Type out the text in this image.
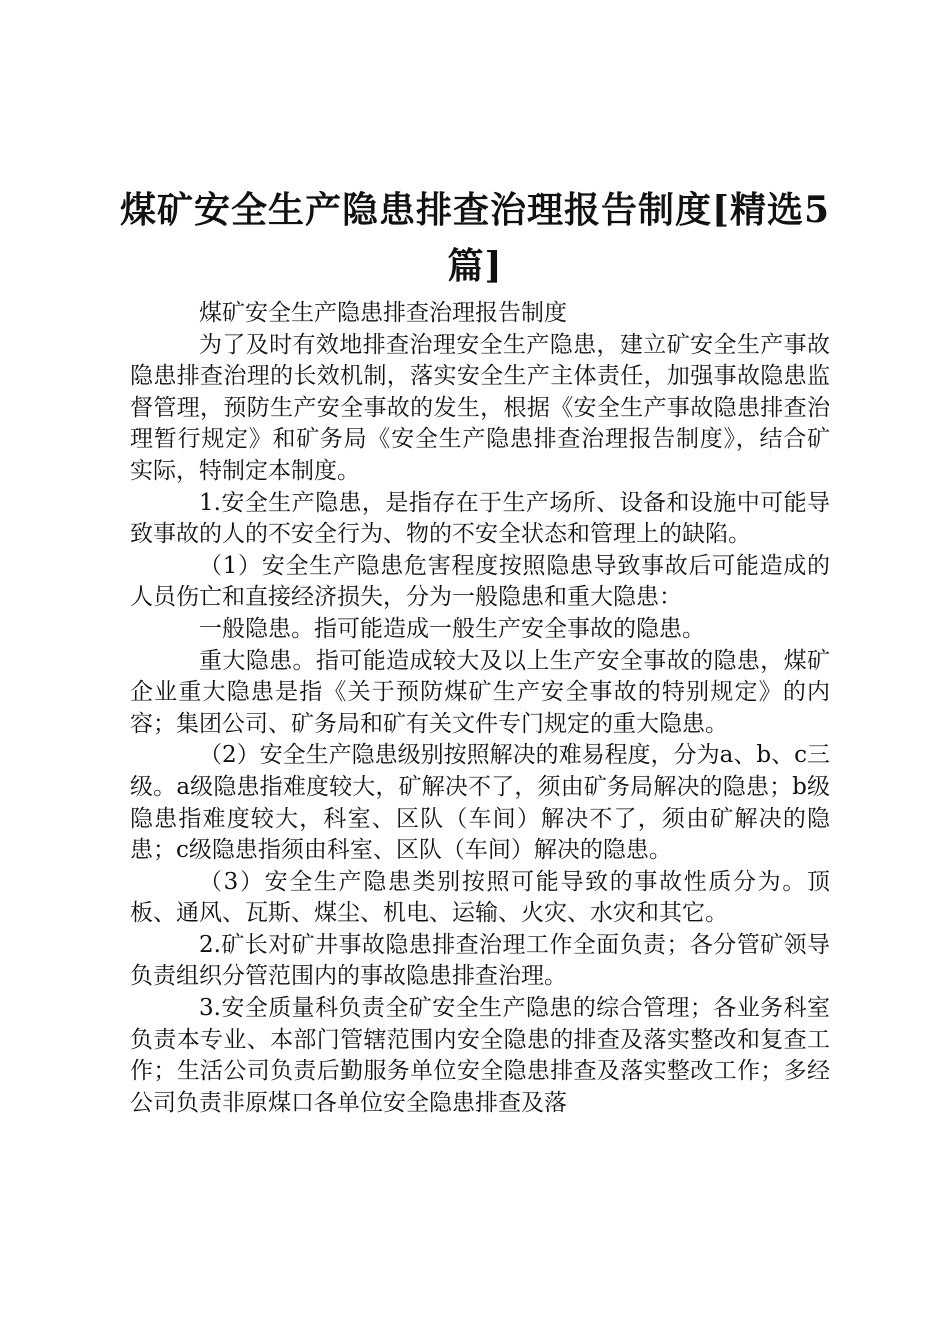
煤矿安全生产隐患排查治理报告制度[精选5篇]

煤矿安全生产隐患排查治理报告制度

为了及时有效地排查治理安全生产隐患，建立矿安全生产事故隐患排查治理的长效机制，落实安全生产主体责任，加强事故隐患监督管理，预防生产安全事故的发生，根据《安全生产事故隐患排查治理暂行规定》和矿务局《安全生产隐患排查治理报告制度》，结合矿实际，特制定本制度。

1.安全生产隐患，是指存在于生产场所、设备和设施中可能导致事故的人的不安全行为、物的不安全状态和管理上的缺陷。

（1）安全生产隐患危害程度按照隐患导致事故后可能造成的人员伤亡和直接经济损失，分为一般隐患和重大隐患：

一般隐患。指可能造成一般生产安全事故的隐患。

重大隐患。指可能造成较大及以上生产安全事故的隐患，煤矿企业重大隐患是指《关于预防煤矿生产安全事故的特别规定》的内容；集团公司、矿务局和矿有关文件专门规定的重大隐患。

（2）安全生产隐患级别按照解决的难易程度，分为a、b、c三级。a级隐患指难度较大，矿解决不了，须由矿务局解决的隐患；b级隐患指难度较大，科室、区队（车间）解决不了，须由矿解决的隐患；c级隐患指须由科室、区队（车间）解决的隐患。

（3）安全生产隐患类别按照可能导致的事故性质分为。顶板、通风、瓦斯、煤尘、机电、运输、火灾、水灾和其它。

2.矿长对矿井事故隐患排查治理工作全面负责；各分管矿领导负责组织分管范围内的事故隐患排查治理。

3.安全质量科负责全矿安全生产隐患的综合管理；各业务科室负责本专业、本部门管辖范围内安全隐患的排查及落实整改和复查工作；生活公司负责后勤服务单位安全隐患排查及落实整改工作；多经公司负责非原煤口各单位安全隐患排查及落
